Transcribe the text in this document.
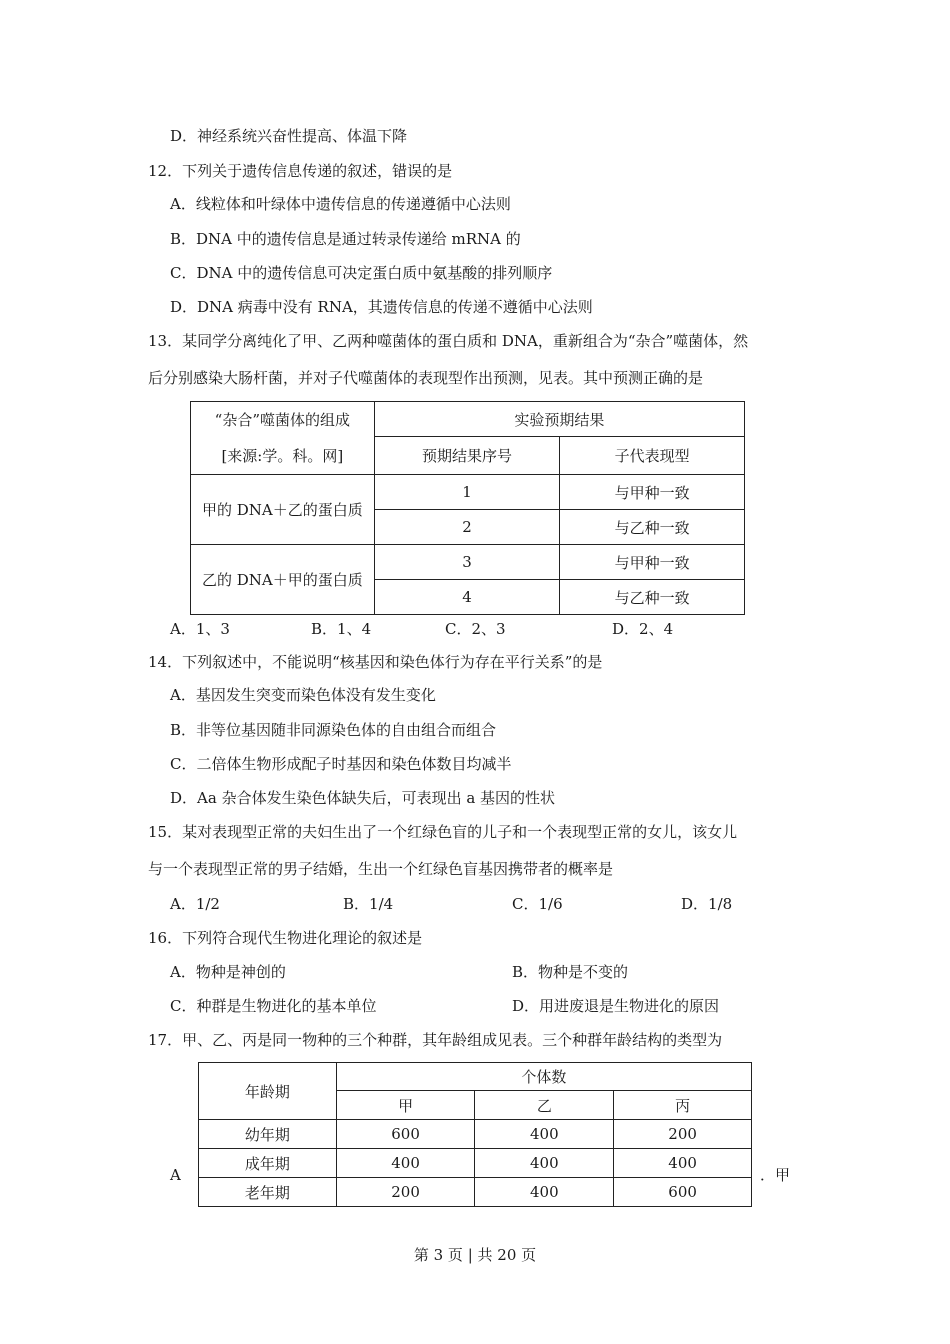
D．神经系统兴奋性提高、体温下降
12．下列关于遗传信息传递的叙述，错误的是
A．线粒体和叶绿体中遗传信息的传递遵循中心法则
B．DNA 中的遗传信息是通过转录传递给 mRNA 的
C．DNA 中的遗传信息可决定蛋白质中氨基酸的排列顺序
D．DNA 病毒中没有 RNA，其遗传信息的传递不遵循中心法则
13．某同学分离纯化了甲、乙两种噬菌体的蛋白质和 DNA，重新组合为“杂合”噬菌体，然
后分别感染大肠杆菌，并对子代噬菌体的表现型作出预测，见表。其中预测正确的是
“杂合”噬菌体的组成
[来源:学。科。网]	实验预期结果	
	预期结果序号	子代表现型
甲的 DNA＋乙的蛋白质	1	与甲种一致
	2	与乙种一致
乙的 DNA＋甲的蛋白质	3	与甲种一致
	4	与乙种一致
A．1、3	B．1、4	C．2、3	D．2、4
14．下列叙述中，不能说明“核基因和染色体行为存在平行关系”的是
A．基因发生突变而染色体没有发生变化
B．非等位基因随非同源染色体的自由组合而组合
C．二倍体生物形成配子时基因和染色体数目均减半
D．Aa 杂合体发生染色体缺失后，可表现出 a 基因的性状
15．某对表现型正常的夫妇生出了一个红绿色盲的儿子和一个表现型正常的女儿，该女儿
与一个表现型正常的男子结婚，生出一个红绿色盲基因携带者的概率是
A．1/2	B．1/4	C．1/6	D．1/8
16．下列符合现代生物进化理论的叙述是
A．物种是神创的	B．物种是不变的
C．种群是生物进化的基本单位	D．用进废退是生物进化的原因
17．甲、乙、丙是同一物种的三个种群，其年龄组成见表。三个种群年龄结构的类型为
年龄期	个体数		
	甲	乙	丙
幼年期	600	400	200
成年期	400	400	400
老年期	200	400	600
A	．甲
第 3 页 | 共 20 页
